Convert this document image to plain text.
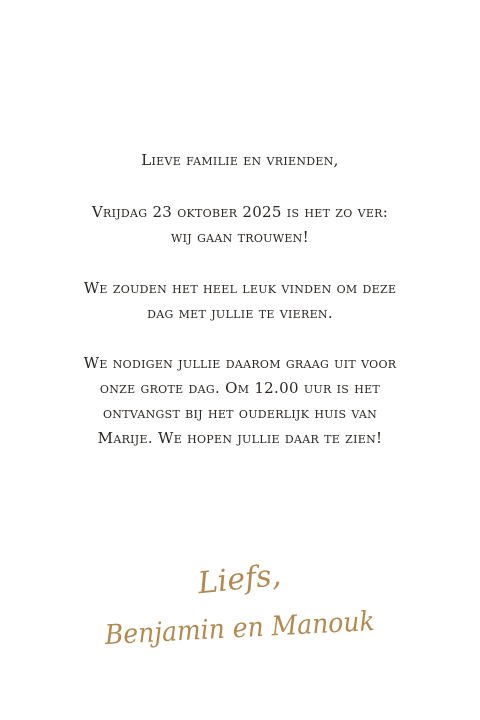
Lieve familie en vrienden,
Vrijdag 23 oktober 2025 is het zo ver:
wij gaan trouwen!
We zouden het heel leuk vinden om deze
dag met jullie te vieren.
We nodigen jullie daarom graag uit voor
onze grote dag. Om 12.00 uur is het
ontvangst bij het ouderlijk huis van
Marije. We hopen jullie daar te zien!
Liefs,
Benjamin en Manouk
